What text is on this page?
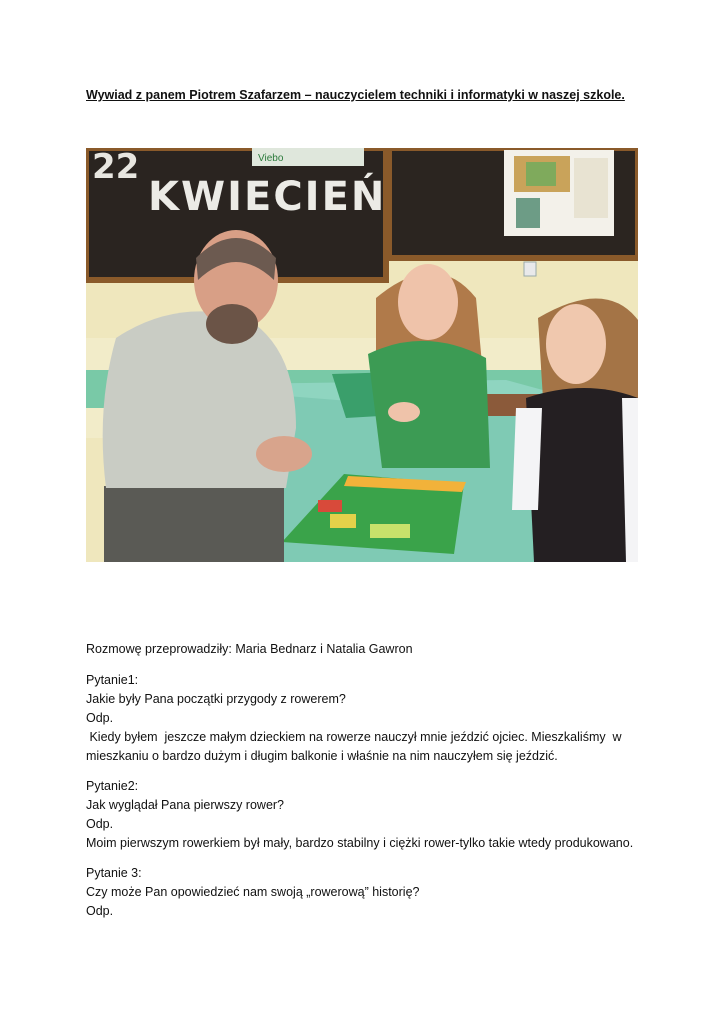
Wywiad z panem Piotrem Szafarzem – nauczycielem techniki i informatyki w naszej szkole.
Viebo
22
KWIECIEŃ
Rozmowę przeprowadziły: Maria Bednarz i Natalia Gawron
Pytanie1:
Jakie były Pana początki przygody z rowerem?
Odp.
Kiedy byłem  jeszcze małym dzieckiem na rowerze nauczył mnie jeździć ojciec. Mieszkaliśmy  w
mieszkaniu o bardzo dużym i długim balkonie i właśnie na nim nauczyłem się jeździć.
Pytanie2:
Jak wyglądał Pana pierwszy rower?
Odp.
Moim pierwszym rowerkiem był mały, bardzo stabilny i ciężki rower-tylko takie wtedy produkowano.
Pytanie 3:
Czy może Pan opowiedzieć nam swoją „rowerową” historię?
Odp.
